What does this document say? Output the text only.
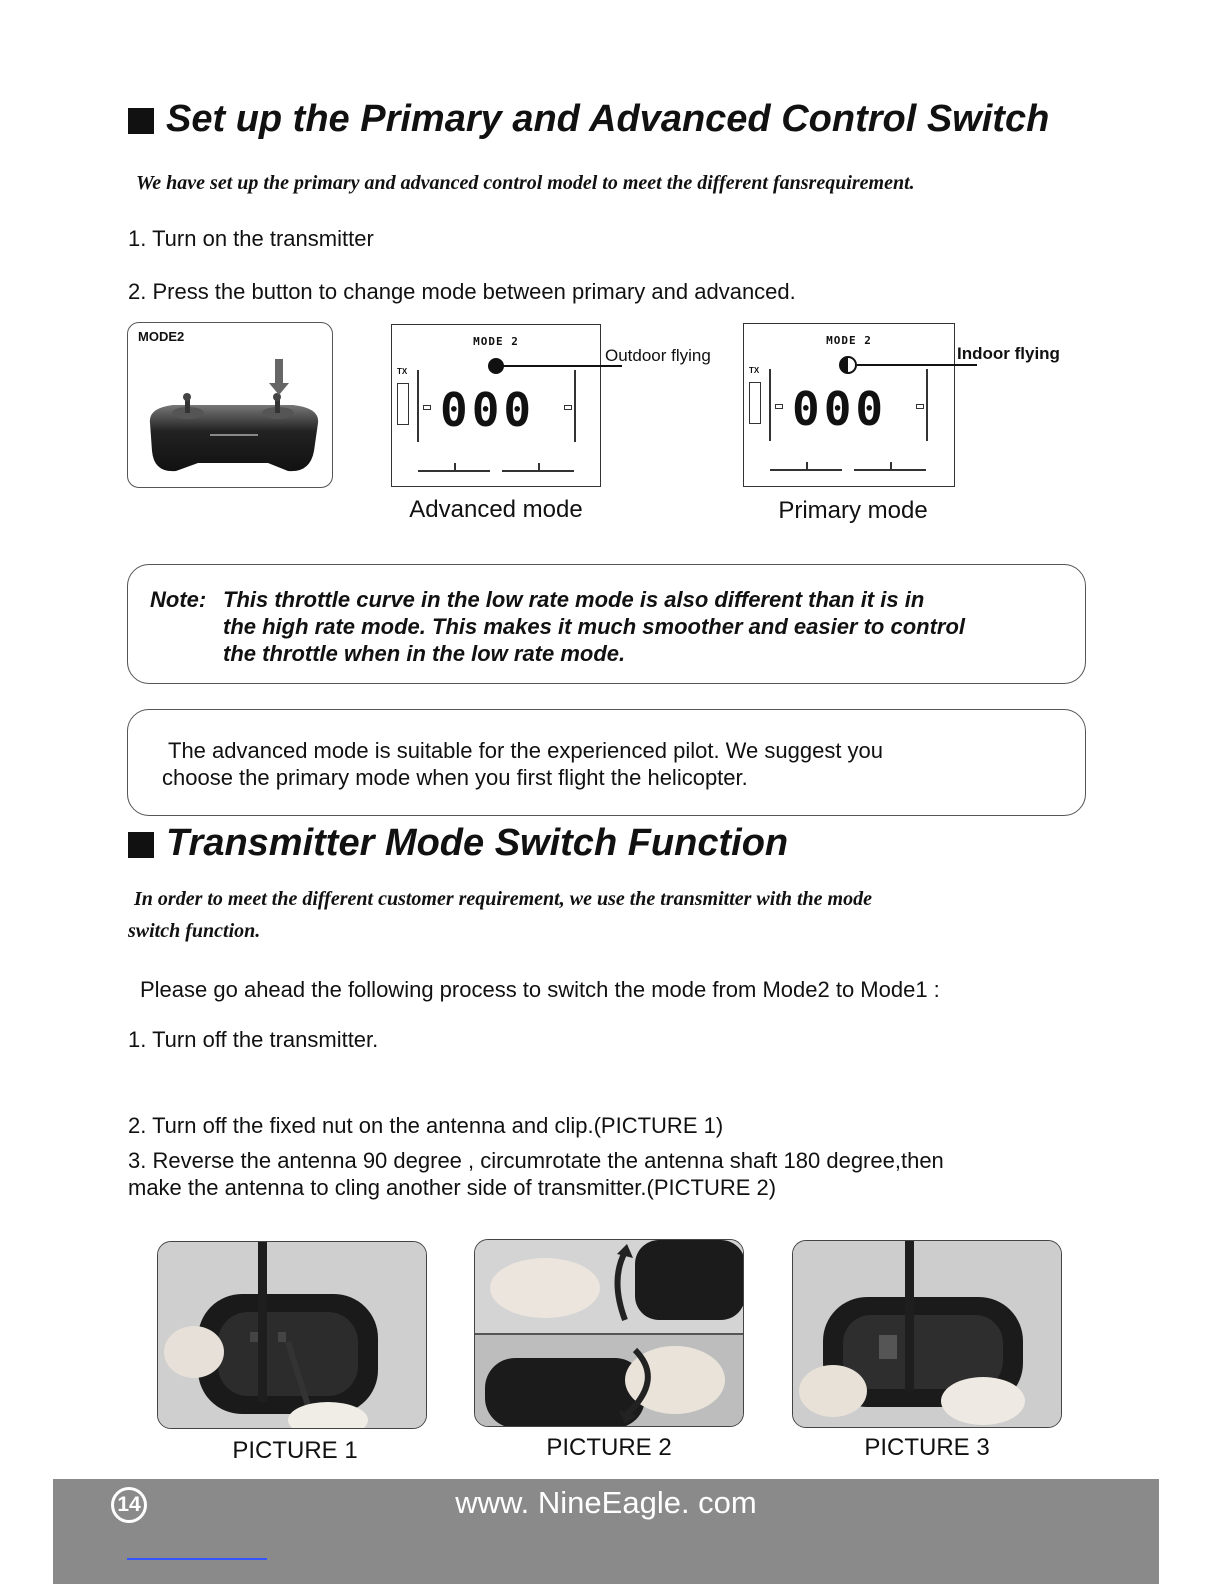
Set up the Primary and Advanced Control Switch
We have set up the primary and advanced control model to meet the different fansrequirement.
1. Turn on the transmitter
2. Press the button to change mode between primary and advanced.
MODE2	MODE 2
TX
000
Outdoor flying
Advanced mode
MODE 2
TX
000
Indoor flying
Primary mode
Note: This throttle curve in the low rate mode is also different than it is in
the high rate mode. This makes it much smoother and easier to control
the throttle when in the low rate mode.
The advanced mode is suitable for the experienced pilot. We suggest you
choose the primary mode when you first flight the helicopter.
Transmitter Mode Switch Function
In order to meet the different customer requirement, we use the transmitter with the mode
switch function.
Please go ahead the following process to switch the mode from Mode2 to Mode1 :
1. Turn off the transmitter.
2. Turn off the fixed nut on the antenna and clip.(PICTURE 1)
3. Reverse the antenna 90 degree , circumrotate the antenna shaft 180 degree,then
make the antenna to cling another side of transmitter.(PICTURE 2)
PICTURE 1	PICTURE 2	PICTURE 3
14	www. NineEagle. com
